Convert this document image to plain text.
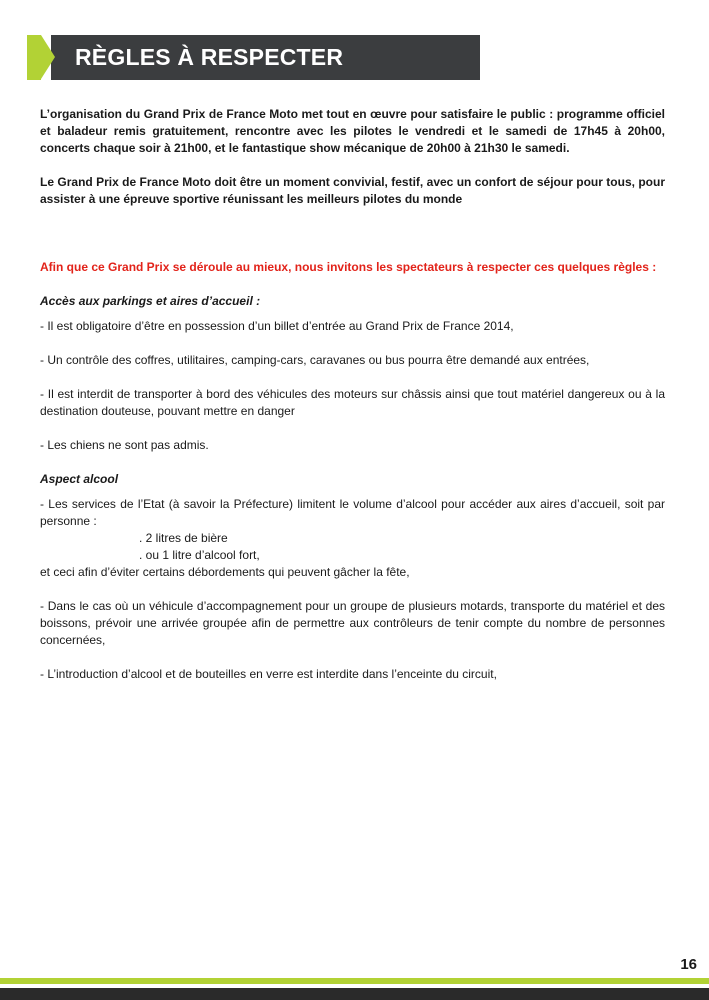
RÈGLES À RESPECTER

L’organisation du Grand Prix de France Moto met tout en œuvre pour satisfaire le public : programme officiel et baladeur remis gratuitement, rencontre avec les pilotes le vendredi et le samedi de 17h45 à 20h00, concerts chaque soir à 21h00, et le fantastique show mécanique de 20h00 à 21h30 le samedi.

Le Grand Prix de France Moto doit être un moment convivial, festif, avec un confort de séjour pour tous, pour assister à une épreuve sportive réunissant les meilleurs pilotes du monde

Afin que ce Grand Prix se déroule au mieux, nous invitons les spectateurs à respecter ces quelques règles :

Accès aux parkings et aires d’accueil :

- Il est obligatoire d’être en possession d’un billet d’entrée au Grand Prix de France 2014,

- Un contrôle des coffres, utilitaires, camping-cars, caravanes ou bus pourra être demandé aux entrées,

- Il est interdit de transporter à bord des véhicules des moteurs sur châssis ainsi que tout matériel dangereux ou à la destination douteuse, pouvant mettre en danger

- Les chiens ne sont pas admis.

Aspect alcool

- Les services de l’Etat (à savoir la Préfecture) limitent le volume d’alcool pour accéder aux aires d’accueil, soit par personne :

. 2 litres de bière

. ou 1 litre d’alcool fort,

et ceci afin d’éviter certains débordements qui peuvent gâcher la fête,

- Dans le cas où un véhicule d’accompagnement pour un groupe de plusieurs motards, transporte du matériel et des boissons, prévoir une arrivée groupée afin de permettre aux contrôleurs de tenir compte du nombre de personnes concernées,

- L’introduction d’alcool et de bouteilles en verre est interdite dans l’enceinte du circuit,

16
